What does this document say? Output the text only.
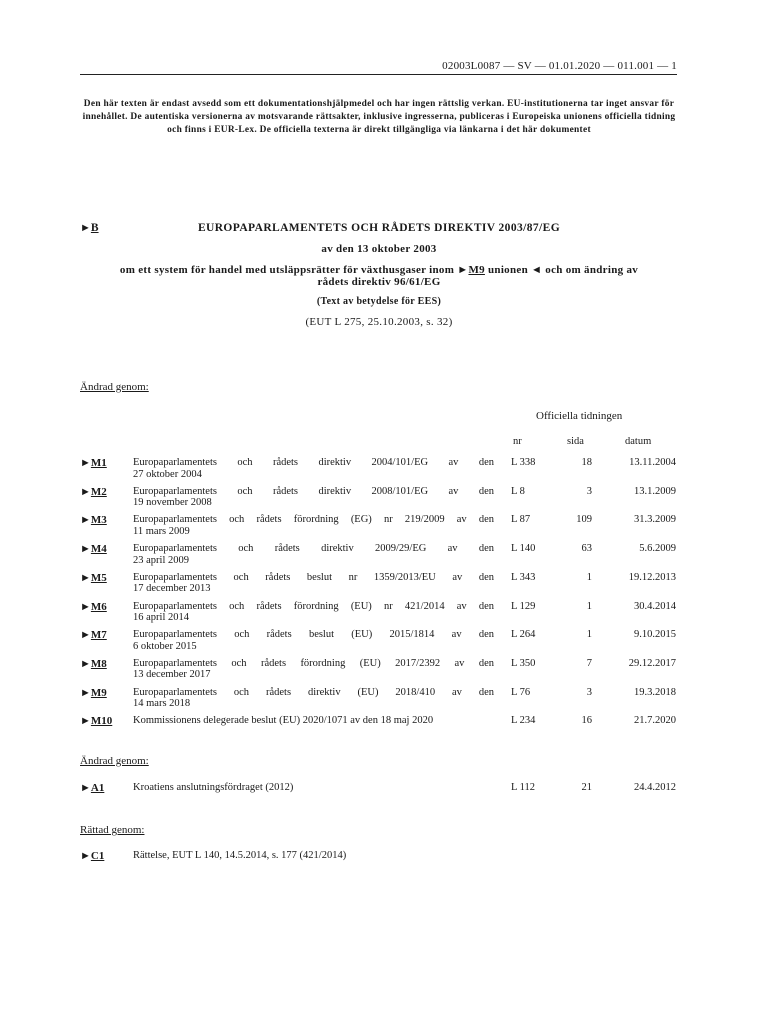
02003L0087 — SV — 01.01.2020 — 011.001 — 1
Den här texten är endast avsedd som ett dokumentationshjälpmedel och har ingen rättslig verkan. EU-institutionerna tar inget ansvar för innehållet. De autentiska versionerna av motsvarande rättsakter, inklusive ingresserna, publiceras i Europeiska unionens officiella tidning och finns i EUR-Lex. De officiella texterna är direkt tillgängliga via länkarna i det här dokumentet
►B	EUROPAPARLAMENTETS OCH RÅDETS DIREKTIV 2003/87/EG
av den 13 oktober 2003
om ett system för handel med utsläppsrätter för växthusgaser inom ►M9 unionen ◄ och om ändring av rådets direktiv 96/61/EG
(Text av betydelse för EES)
(EUT L 275, 25.10.2003, s. 32)
Ändrad genom:
Officiella tidningen
nr	sida	datum
►M1 Europaparlamentets och rådets direktiv 2004/101/EG av den
27 oktober 2004
L 338	18	13.11.2004
►M2 Europaparlamentets och rådets direktiv 2008/101/EG av den
19 november 2008
L 8	3	13.1.2009
►M3 Europaparlamentets och rådets förordning (EG) nr 219/2009 av den
11 mars 2009
L 87	109	31.3.2009
►M4 Europaparlamentets och rådets direktiv 2009/29/EG av den
23 april 2009
L 140	63	5.6.2009
►M5 Europaparlamentets och rådets beslut nr 1359/2013/EU av den
17 december 2013
L 343	1	19.12.2013
►M6 Europaparlamentets och rådets förordning (EU) nr 421/2014 av den
16 april 2014
L 129	1	30.4.2014
►M7 Europaparlamentets och rådets beslut (EU) 2015/1814 av den
6 oktober 2015
L 264	1	9.10.2015
►M8 Europaparlamentets och rådets förordning (EU) 2017/2392 av den
13 december 2017
L 350	7	29.12.2017
►M9 Europaparlamentets och rådets direktiv (EU) 2018/410 av den
14 mars 2018
L 76	3	19.3.2018
►M10 Kommissionens delegerade beslut (EU) 2020/1071 av den 18 maj 2020	L 234	16	21.7.2020
Ändrad genom:
►A1	Kroatiens anslutningsfördraget (2012)	L 112	21	24.4.2012
Rättad genom:
►C1	Rättelse, EUT L 140, 14.5.2014, s. 177 (421/2014)
